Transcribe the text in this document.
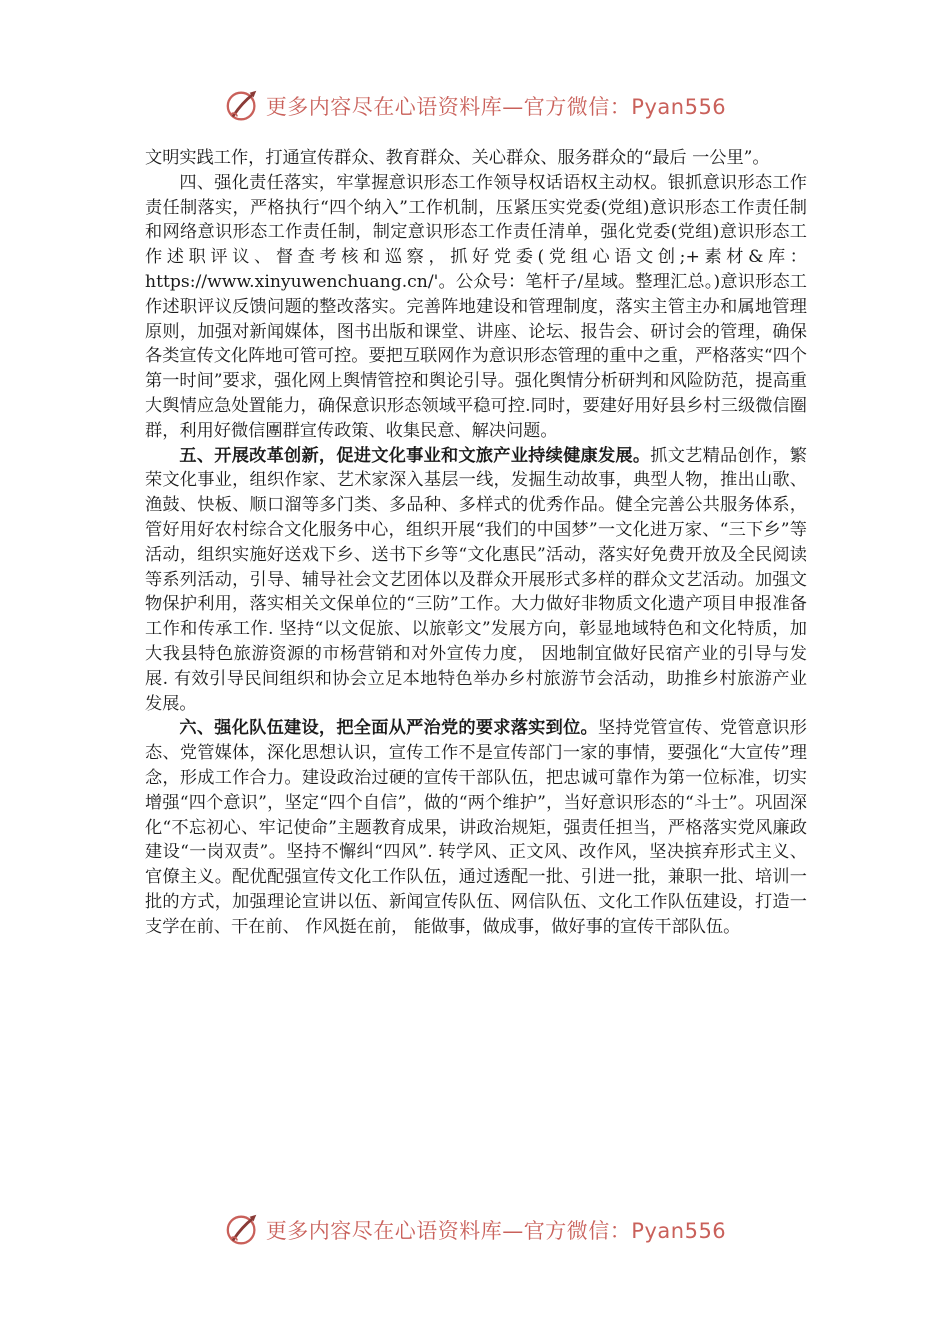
更多内容尽在心语资料库—官方微信：Pyan556

文明实践工作，打通宣传群众、教育群众、关心群众、服务群众的“最后 一公里”。

四、强化责任落实，牢掌握意识形态工作领导权话语权主动权。银抓意识形态工作责任制落实，严格执行“四个纳入”工作机制，压紧压实党委(党组)意识形态工作责任制和网络意识形态工作责任制，制定意识形态工作责任清单，强化党委(党组)意识形态工作述职评议、督查考核和巡察，抓好党委(党组心语文创;+素材&库：https://www.xinyuwenchuang.cn/'。公众号：笔杆子/星域。整理汇总。)意识形态工作述职评议反馈问题的整改落实。完善阵地建设和管理制度，落实主管主办和属地管理原则，加强对新闻媒体，图书出版和课堂、讲座、论坛、报告会、研讨会的管理，确保各类宣传文化阵地可管可控。要把互联网作为意识形态管理的重中之重，严格落实“四个第一时间”要求，强化网上舆情管控和舆论引导。强化舆情分析研判和风险防范，提高重大舆情应急处置能力，确保意识形态领域平稳可控.同时，要建好用好县乡村三级微信圈群，利用好微信團群宣传政策、收集民意、解决问题。

五、开展改革创新，促进文化事业和文旅产业持续健康发展。抓文艺精品创作，繁荣文化事业，组织作家、艺术家深入基层一线，发掘生动故事，典型人物，推出山歌、渔鼓、快板、顺口溜等多门类、多品种、多样式的优秀作品。健全完善公共服务体系，管好用好农村综合文化服务中心，组织开展“我们的中国梦”一文化进万家、“三下乡”等活动，组织实施好送戏下乡、送书下乡等“文化惠民”活动，落实好免费开放及全民阅读等系列活动，引导、辅导社会文艺团体以及群众开展形式多样的群众文艺活动。加强文物保护利用，落实相关文保单位的“三防”工作。大力做好非物质文化遗产项目申报准备工作和传承工作. 坚持“以文促旅、以旅彰文”发展方向，彰显地域特色和文化特质，加大我县特色旅游资源的市杨营销和对外宣传力度， 因地制宜做好民宿产业的引导与发展. 有效引导民间组织和协会立足本地特色举办乡村旅游节会活动，助推乡村旅游产业发展。

六、强化队伍建设，把全面从严治党的要求落实到位。坚持党管宣传、党管意识形态、党管媒体，深化思想认识，宣传工作不是宣传部门一家的事情，要强化“大宣传”理念，形成工作合力。建设政治过硬的宣传干部队伍，把忠诚可靠作为第一位标准，切实增强“四个意识”，坚定“四个自信”，做的“两个维护”，当好意识形态的“斗士”。巩固深化“不忘初心、牢记使命”主题教育成果，讲政治规矩，强责任担当，严格落实党风廉政建设“一岗双责”。坚持不懈纠“四风”. 转学风、正文风、改作风，坚决摈弃形式主义、官僚主义。配优配强宣传文化工作队伍，通过透配一批、引进一批，兼职一批、培训一批的方式，加强理论宣讲以伍、新闻宣传队伍、网信队伍、文化工作队伍建设，打造一支学在前、干在前、 作风挺在前， 能做事，做成事，做好事的宣传干部队伍。

更多内容尽在心语资料库—官方微信：Pyan556
